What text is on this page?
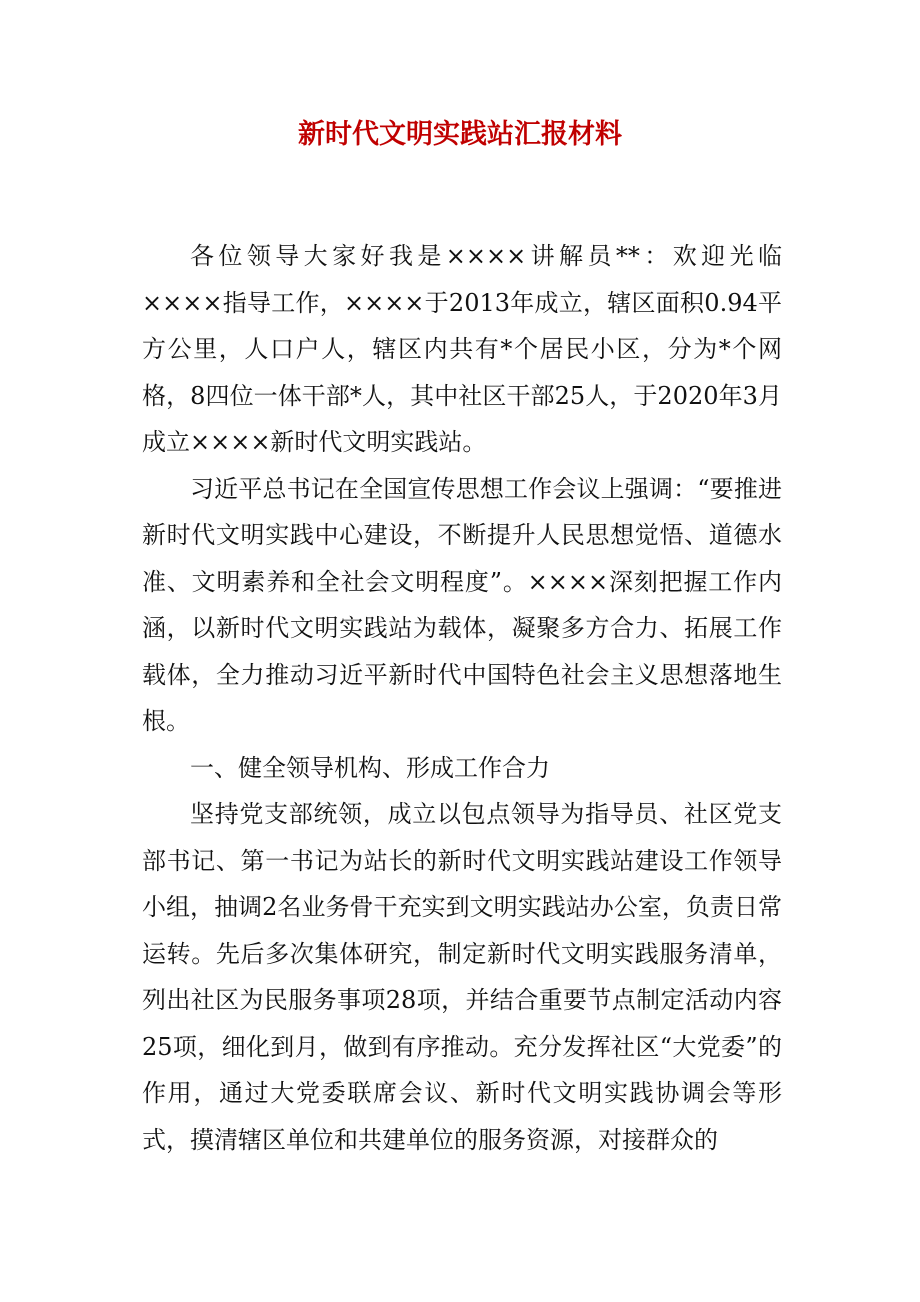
新时代文明实践站汇报材料

各位领导大家好我是××××讲解员**：欢迎光临××××指导工作，××××于2013年成立，辖区面积0.94平方公里，人口户人，辖区内共有*个居民小区，分为*个网格，8四位一体干部*人，其中社区干部25人，于2020年3月成立××××新时代文明实践站。

习近平总书记在全国宣传思想工作会议上强调：“要推进新时代文明实践中心建设，不断提升人民思想觉悟、道德水准、文明素养和全社会文明程度”。××××深刻把握工作内涵，以新时代文明实践站为载体，凝聚多方合力、拓展工作载体，全力推动习近平新时代中国特色社会主义思想落地生根。

一、健全领导机构、形成工作合力

坚持党支部统领，成立以包点领导为指导员、社区党支部书记、第一书记为站长的新时代文明实践站建设工作领导小组，抽调2名业务骨干充实到文明实践站办公室，负责日常运转。先后多次集体研究，制定新时代文明实践服务清单，列出社区为民服务事项28项，并结合重要节点制定活动内容25项，细化到月，做到有序推动。充分发挥社区“大党委”的作用，通过大党委联席会议、新时代文明实践协调会等形式，摸清辖区单位和共建单位的服务资源，对接群众的
